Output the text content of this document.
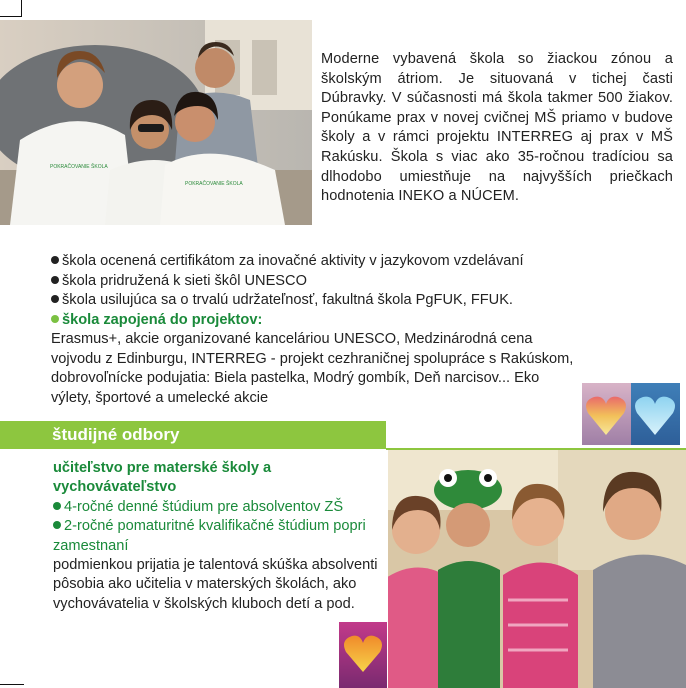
POKRAČOVANIE ŠKOLA
POKRAČOVANIE ŠKOLA
Moderne vybavená škola so žiackou zónou a školským átriom. Je situovaná v tichej časti Dúbravky. V súčasnosti má škola takmer 500 žiakov. Ponúkame prax v novej cvičnej MŠ priamo v budove školy a v rámci projektu INTERREG aj prax v MŠ Rakúsku. Škola s viac ako 35-ročnou tradíciou sa dlhodobo umiestňuje na najvyšších priečkach hodnotenia INEKO a NÚCEM.
škola ocenená certifikátom za inovačné aktivity v jazykovom vzdelávaní
škola pridružená k sieti škôl UNESCO
škola usilujúca sa o trvalú udržateľnosť, fakultná škola PgFUK, FFUK.
škola zapojená do projektov:
Erasmus+, akcie organizované kanceláriou UNESCO, Medzinárodná cena vojvodu z Edinburgu, INTERREG - projekt cezhraničnej spolupráce s Rakúskom, dobrovoľnícke podujatia: Biela pastelka, Modrý gombík, Deň narcisov... Eko výlety, športové a umelecké akcie
študijné odbory
učiteľstvo pre materské školy a vychovávateľstvo
4-ročné denné štúdium pre absolventov ZŠ
2-ročné pomaturitné kvalifikačné štúdium popri zamestnaní
podmienkou prijatia je talentová skúška absolventi pôsobia ako učitelia v materských školách, ako vychovávatelia v školských kluboch detí a pod.
